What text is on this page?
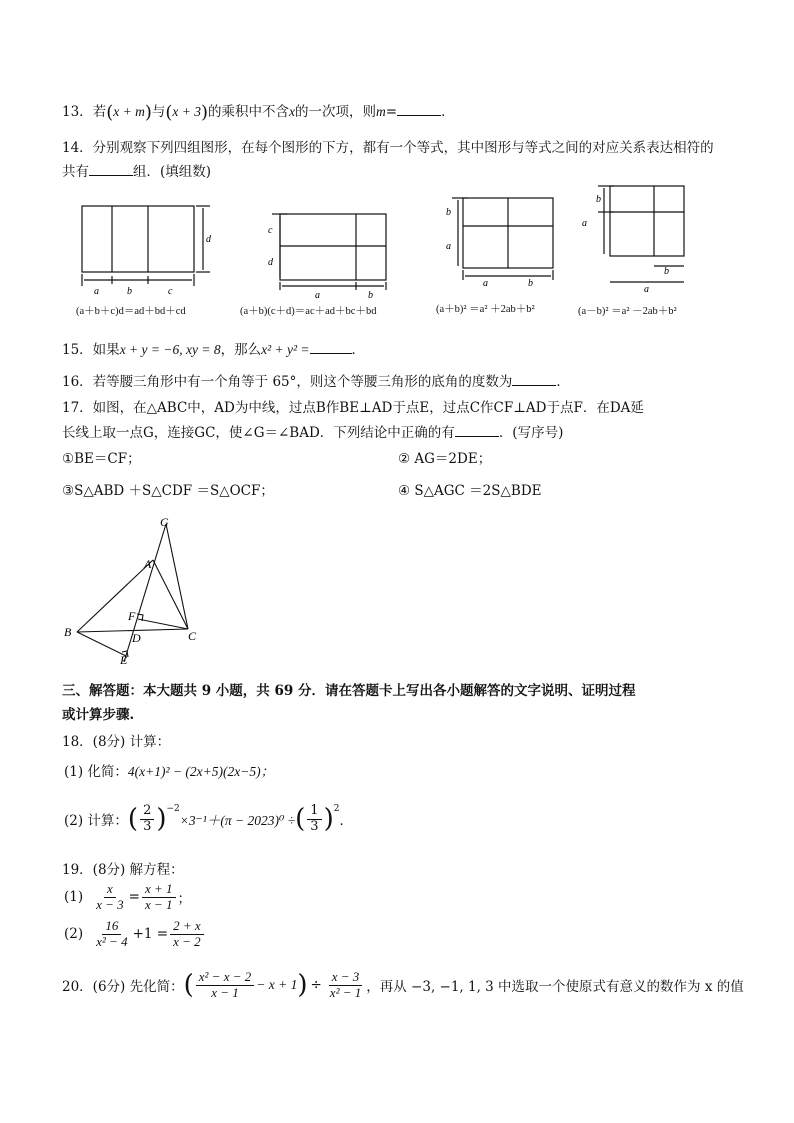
13．若(x + m)与(x + 3)的乘积中不含x的一次项，则m=	．
14．分别观察下列四组图形，在每个图形的下方，都有一个等式，其中图形与等式之间的对应关系表达相符的
共有	组．(填组数)
a	b	c
d
c
d
a	b
b
a
a	b
b
a
b
a
(a＋b＋c)d＝ad＋bd＋cd	(a＋b)(c＋d)＝ac＋ad＋bc＋bd	(a＋b)² ＝a² ＋2ab＋b²	(a－b)² ＝a² －2ab＋b²
15．如果x + y = −6, xy = 8，那么x² + y² =	．
16．若等腰三角形中有一个角等于 65°，则这个等腰三角形的底角的度数为	．
17．如图，在△ABC中，AD为中线，过点B作BE⊥AD于点E，过点C作CF⊥AD于点F．在DA延
长线上取一点G，连接GC，使∠G＝∠BAD．下列结论中正确的有	．(写序号)
①BE＝CF；	② AG＝2DE；
③S△ABD ＋S△CDF ＝S△OCF；	④ S△AGC ＝2S△BDE
G
A
F
B	D	C
E
三、解答题：本大题共 9 小题，共 69 分．请在答题卡上写出各小题解答的文字说明、证明过程
或计算步骤.
18．(8分) 计算：
(1) 化简：4(x+1)² − (2x+5)(2x−5)；
(2) 计算： ( $\frac{2}{3} )^{-2}$
×3⁻¹＋(π − 2023)⁰ ÷ ( $\frac{1}{3} )^2$
．
19．(8分) 解方程：
$(1) \frac{x}{x - 3} = \frac{x + 1}{x - 1}$ ；
$(2) \frac{16}{\text{x² − 4}} +1 = \frac{2 + x}{x - 2}$
20．(6分) 先化简： ( $\frac{\text{x² − x − 2}}{x - 1} - x + 1$ ) ÷ $\frac{x - 3}{\text{x² − 1}}$ ，再从 −3, −1, 1, 3 中选取一个使原式有意义的数作为 x 的值
